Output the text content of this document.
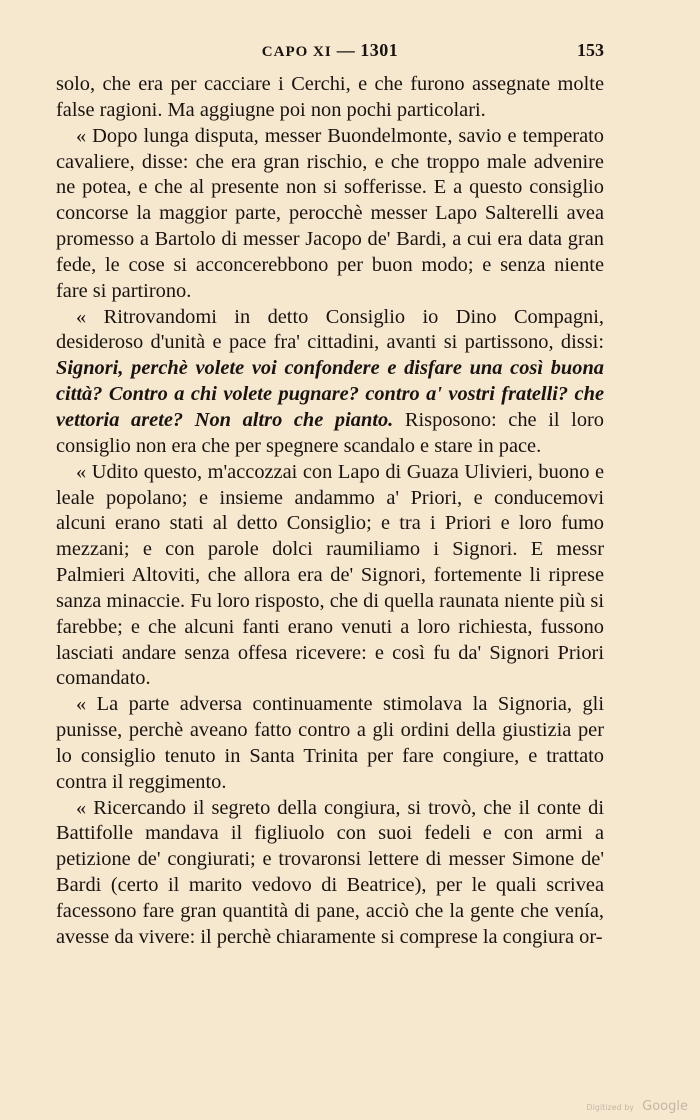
CAPO XI — 1301	153

solo, che era per cacciare i Cerchi, e che furono assegnate molte false ragioni. Ma aggiugne poi non pochi particolari.

« Dopo lunga disputa, messer Buondelmonte, savio e temperato cavaliere, disse: che era gran rischio, e che troppo male advenire ne potea, e che al presente non si sofferisse. E a questo consiglio concorse la maggior parte, perocchè messer Lapo Salterelli avea promesso a Bartolo di messer Jacopo de' Bardi, a cui era data gran fede, le cose si acconcerebbono per buon modo; e senza niente fare si partirono.

« Ritrovandomi in detto Consiglio io Dino Compagni, desideroso d'unità e pace fra' cittadini, avanti si partissono, dissi: Signori, perchè volete voi confondere e disfare una così buona città? Contro a chi volete pugnare? contro a' vostri fratelli? che vettoria arete? Non altro che pianto. Risposono: che il loro consiglio non era che per spegnere scandalo e stare in pace.

« Udito questo, m'accozzai con Lapo di Guaza Ulivieri, buono e leale popolano; e insieme andammo a' Priori, e conducemovi alcuni erano stati al detto Consiglio; e tra i Priori e loro fumo mezzani; e con parole dolci raumiliamo i Signori. E messr Palmieri Altoviti, che allora era de' Signori, fortemente li riprese sanza minaccie. Fu loro risposto, che di quella raunata niente più si farebbe; e che alcuni fanti erano venuti a loro richiesta, fussono lasciati andare senza offesa ricevere: e così fu da' Signori Priori comandato.

« La parte adversa continuamente stimolava la Signoria, gli punisse, perchè aveano fatto contro a gli ordini della giustizia per lo consiglio tenuto in Santa Trinita per fare congiure, e trattato contra il reggimento.

« Ricercando il segreto della congiura, si trovò, che il conte di Battifolle mandava il figliuolo con suoi fedeli e con armi a petizione de' congiurati; e trovaronsi lettere di messer Simone de' Bardi (certo il marito vedovo di Beatrice), per le quali scrivea facessono fare gran quantità di pane, acciò che la gente che venía, avesse da vivere: il perchè chiaramente si comprese la congiura or-

Digitized by Google
